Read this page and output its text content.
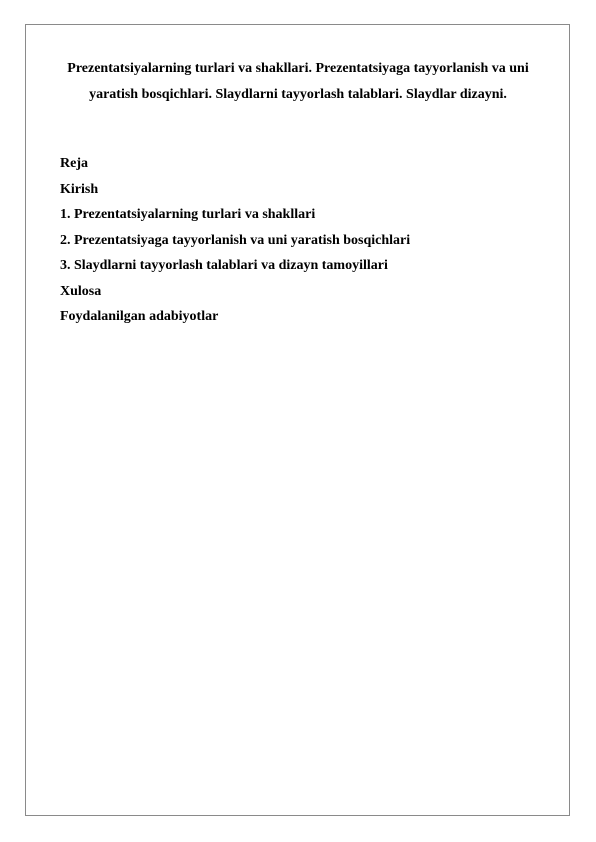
Prezentatsiyalarning turlari va shakllari. Prezentatsiyaga tayyorlanish va uni yaratish bosqichlari. Slaydlarni tayyorlash talablari. Slaydlar dizayni.

Reja
Kirish
1. Prezentatsiyalarning turlari va shakllari
2. Prezentatsiyaga tayyorlanish va uni yaratish bosqichlari
3. Slaydlarni tayyorlash talablari va dizayn tamoyillari
Xulosa
Foydalanilgan adabiyotlar
